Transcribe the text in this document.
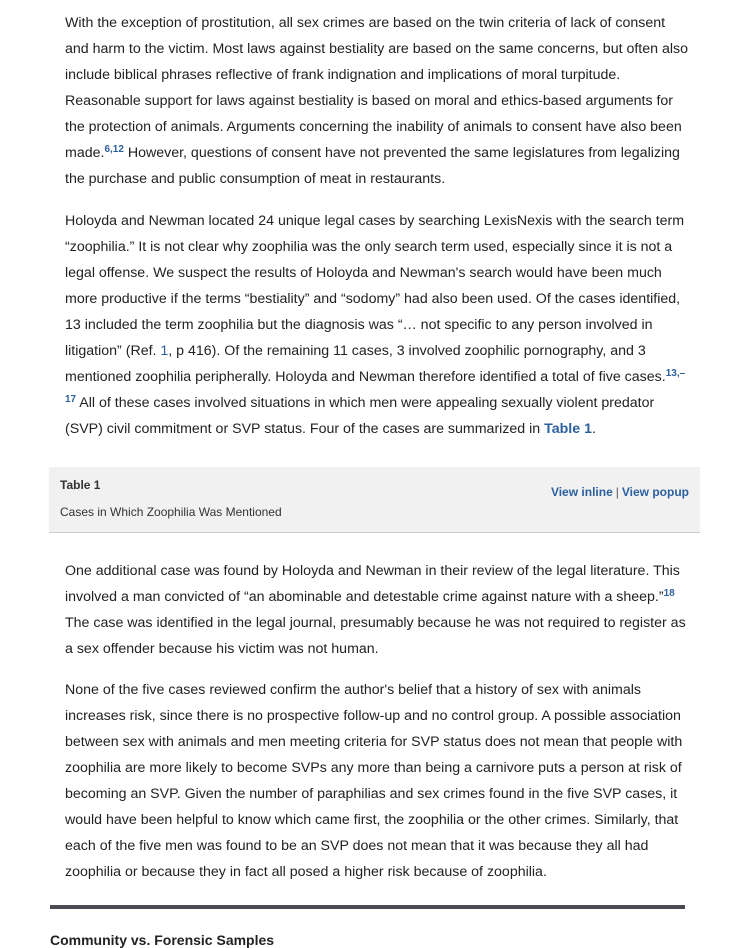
With the exception of prostitution, all sex crimes are based on the twin criteria of lack of consent and harm to the victim. Most laws against bestiality are based on the same concerns, but often also include biblical phrases reflective of frank indignation and implications of moral turpitude. Reasonable support for laws against bestiality is based on moral and ethics-based arguments for the protection of animals. Arguments concerning the inability of animals to consent have also been made.$^{6,12}$ However, questions of consent have not prevented the same legislatures from legalizing the purchase and public consumption of meat in restaurants.

Holoyda and Newman located 24 unique legal cases by searching LexisNexis with the search term “zoophilia.” It is not clear why zoophilia was the only search term used, especially since it is not a legal offense. We suspect the results of Holoyda and Newman's search would have been much more productive if the terms “bestiality” and “sodomy” had also been used. Of the cases identified, 13 included the term zoophilia but the diagnosis was “… not specific to any person involved in litigation” (Ref. 1, p 416). Of the remaining 11 cases, 3 involved zoophilic pornography, and 3 mentioned zoophilia peripherally. Holoyda and Newman therefore identified a total of five cases.$^{13,-17}$ All of these cases involved situations in which men were appealing sexually violent predator (SVP) civil commitment or SVP status. Four of the cases are summarized in Table 1.

Table 1
Cases in Which Zoophilia Was Mentioned
View inline | View popup

One additional case was found by Holoyda and Newman in their review of the legal literature. This involved a man convicted of “an abominable and detestable crime against nature with a sheep.”$^{18}$ The case was identified in the legal journal, presumably because he was not required to register as a sex offender because his victim was not human.

None of the five cases reviewed confirm the author's belief that a history of sex with animals increases risk, since there is no prospective follow-up and no control group. A possible association between sex with animals and men meeting criteria for SVP status does not mean that people with zoophilia are more likely to become SVPs any more than being a carnivore puts a person at risk of becoming an SVP. Given the number of paraphilias and sex crimes found in the five SVP cases, it would have been helpful to know which came first, the zoophilia or the other crimes. Similarly, that each of the five men was found to be an SVP does not mean that it was because they all had zoophilia or because they in fact all posed a higher risk because of zoophilia.

Community vs. Forensic Samples
